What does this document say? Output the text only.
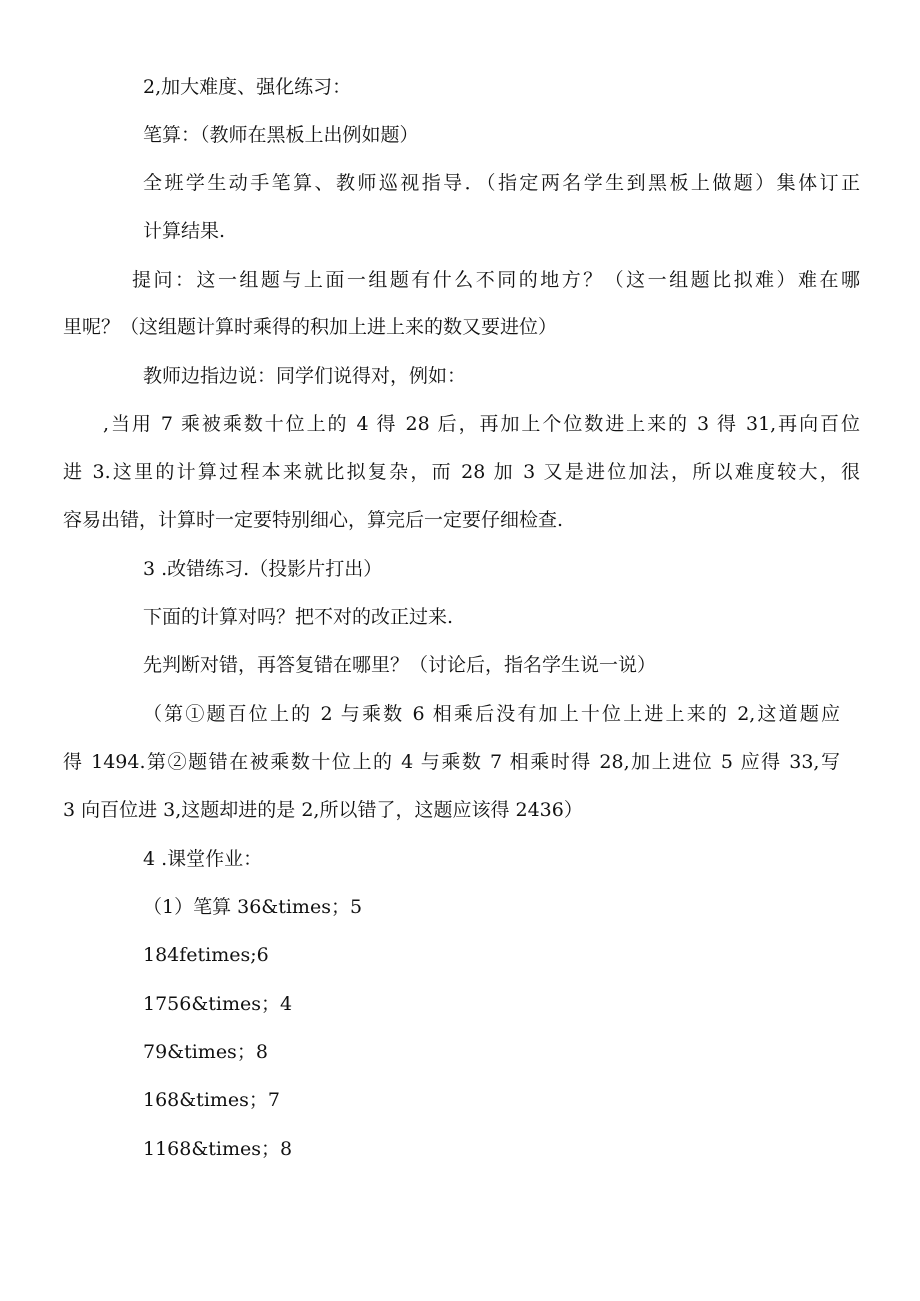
2,加大难度、强化练习：
笔算：（教师在黑板上出例如题）
全班学生动手笔算、教师巡视指导．（指定两名学生到黑板上做题）集体订正
计算结果.
提问：这一组题与上面一组题有什么不同的地方？（这一组题比拟难）难在哪
里呢？（这组题计算时乘得的积加上进上来的数又要进位）
教师边指边说：同学们说得对，例如：
,当用 7 乘被乘数十位上的 4 得 28 后，再加上个位数进上来的 3 得 31,再向百位
进 3.这里的计算过程本来就比拟复杂，而 28 加 3 又是进位加法，所以难度较大，很
容易出错，计算时一定要特别细心，算完后一定要仔细检查.
3 .改错练习.（投影片打出）
下面的计算对吗？把不对的改正过来.
先判断对错，再答复错在哪里？（讨论后，指名学生说一说）
（第①题百位上的 2 与乘数 6 相乘后没有加上十位上进上来的 2,这道题应
得 1494.第②题错在被乘数十位上的 4 与乘数 7 相乘时得 28,加上进位 5 应得 33,写
3 向百位进 3,这题却进的是 2,所以错了，这题应该得 2436）
4 .课堂作业：
（1）笔算 36&times；5
184fetimes;6
1756&times；4
79&times；8
168&times；7
1168&times；8
